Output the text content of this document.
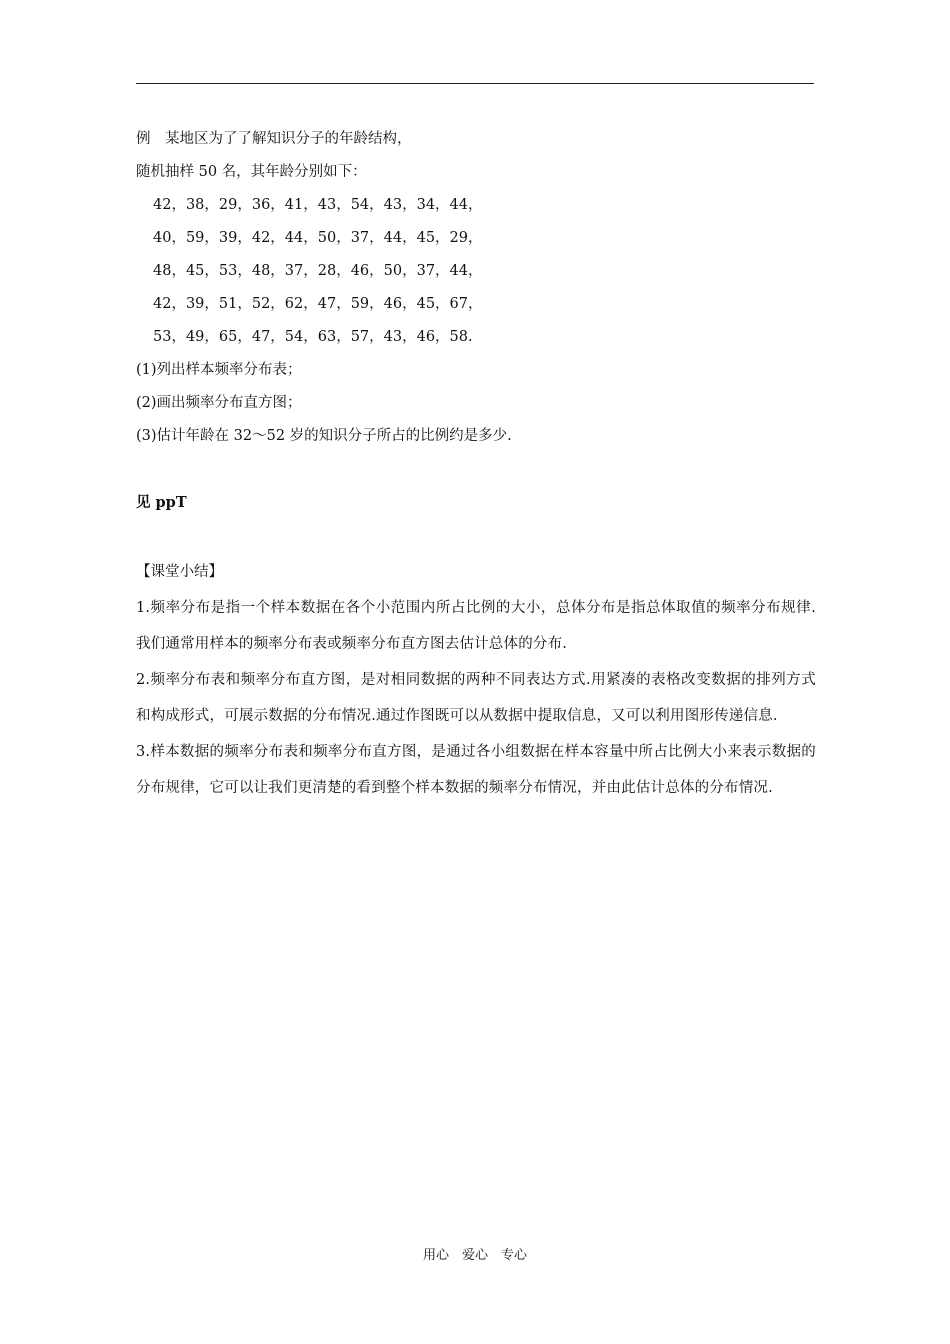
例　某地区为了了解知识分子的年龄结构，
随机抽样 50 名，其年龄分别如下：
42，38，29，36，41，43，54，43，34，44，
40，59，39，42，44，50，37，44，45，29，
48，45，53，48，37，28，46，50，37，44，
42，39，51，52，62，47，59，46，45，67，
53，49，65，47，54，63，57，43，46，58.
(1)列出样本频率分布表；
(2)画出频率分布直方图；
(3)估计年龄在 32～52 岁的知识分子所占的比例约是多少.
见 ppT
【课堂小结】
1.频率分布是指一个样本数据在各个小范围内所占比例的大小，总体分布是指总体取值的频率分布规律.我们通常用样本的频率分布表或频率分布直方图去估计总体的分布.
2.频率分布表和频率分布直方图，是对相同数据的两种不同表达方式.用紧凑的表格改变数据的排列方式和构成形式，可展示数据的分布情况.通过作图既可以从数据中提取信息，又可以利用图形传递信息.
3.样本数据的频率分布表和频率分布直方图，是通过各小组数据在样本容量中所占比例大小来表示数据的分布规律，它可以让我们更清楚的看到整个样本数据的频率分布情况，并由此估计总体的分布情况.
用心　爱心　专心
